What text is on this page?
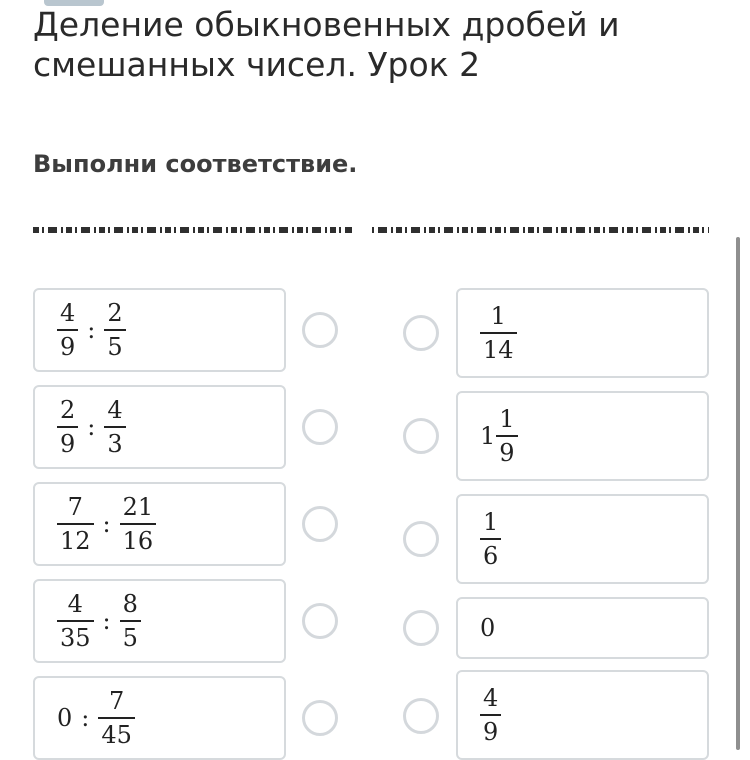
Деление обыкновенных дробей и смешанных чисел. Урок 2

Выполни соответствие.

$\frac{4}{9}$ : $\frac{2}{5}$
$\frac{2}{9}$ : $\frac{4}{3}$
$\frac{7}{12}$ : $\frac{21}{16}$
$\frac{4}{35}$ : $\frac{8}{5}$
0 : $\frac{7}{45}$
$\frac{1}{14}$
$1 \frac{1}{9}$
$\frac{1}{6}$
0
$\frac{4}{9}$
